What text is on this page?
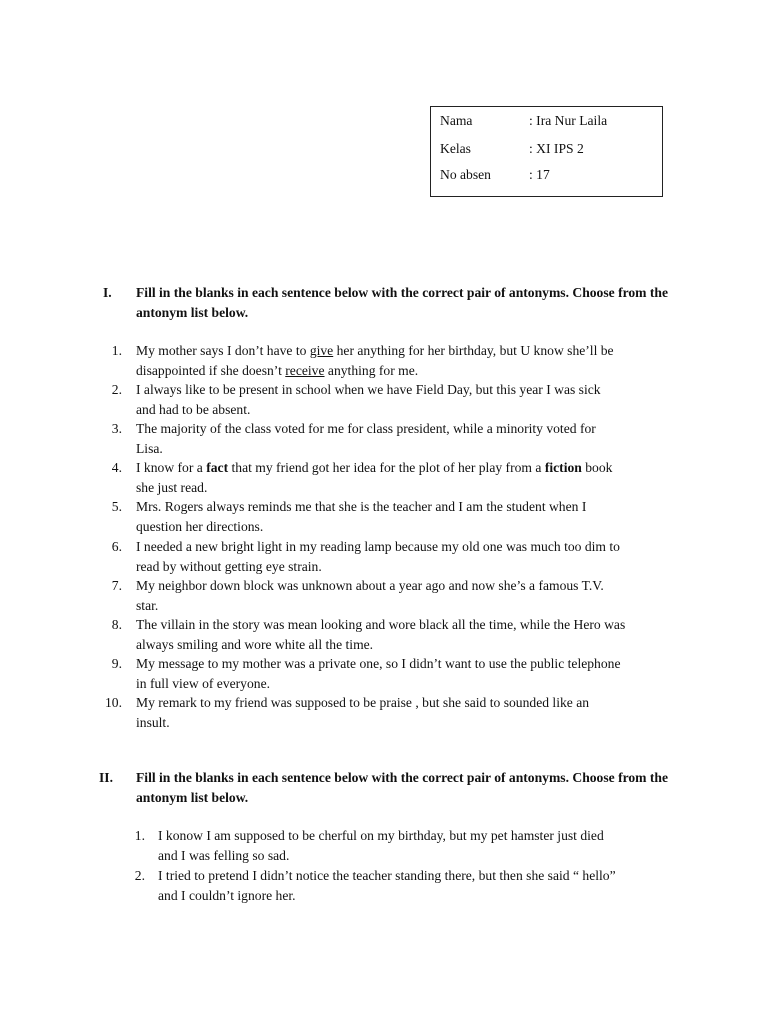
Nama	: Ira Nur Laila
Kelas	: XI IPS 2
No absen	: 17
I. Fill in the blanks in each sentence below with the correct pair of antonyms. Choose from the antonym list below.
1. My mother says I don’t have to give her anything for her birthday, but U know she’ll be
disappointed if she doesn’t receive anything for me.
2. I always like to be present in school when we have Field Day, but this year I was sick
and had to be absent.
3. The majority of the class voted for me for class president, while a minority voted for
Lisa.
4. I know for a fact that my friend got her idea for the plot of her play from a fiction book
she just read.
5. Mrs. Rogers always reminds me that she is the teacher and I am the student when I
question her directions.
6. I needed a new bright light in my reading lamp because my old one was much too dim to
read by without getting eye strain.
7. My neighbor down block was unknown about a year ago and now she’s a famous T.V.
star.
8. The villain in the story was mean looking and wore black all the time, while the Hero was
always smiling and wore white all the time.
9. My message to my mother was a private one, so I didn’t want to use the public telephone
in full view of everyone.
10. My remark to my friend was supposed to be praise , but she said to sounded like an
insult.
II. Fill in the blanks in each sentence below with the correct pair of antonyms. Choose from the antonym list below.
1. I konow I am supposed to be cherful on my birthday, but my pet hamster just died
and I was felling so sad.
2. I tried to pretend I didn’t notice the teacher standing there, but then she said “ hello”
and I couldn’t ignore her.
